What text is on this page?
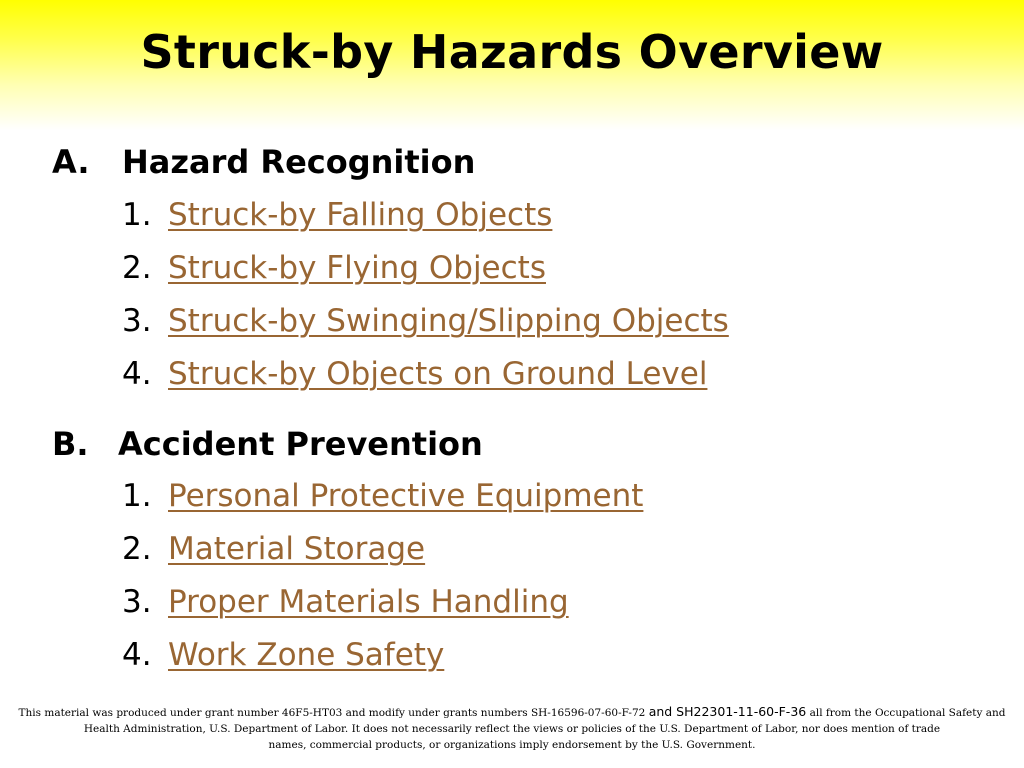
Struck-by Hazards Overview
A. Hazard Recognition
1. Struck-by Falling Objects
2. Struck-by Flying Objects
3. Struck-by Swinging/Slipping Objects
4. Struck-by Objects on Ground Level
B. Accident Prevention
1. Personal Protective Equipment
2. Material Storage
3. Proper Materials Handling
4. Work Zone Safety
This material was produced under grant number 46F5-HT03 and modify under grants numbers SH-16596-07-60-F-72 and SH22301-11-60-F-36 all from the Occupational Safety and
Health Administration, U.S. Department of Labor. It does not necessarily reflect the views or policies of the U.S. Department of Labor, nor does mention of trade
names, commercial products, or organizations imply endorsement by the U.S. Government.
